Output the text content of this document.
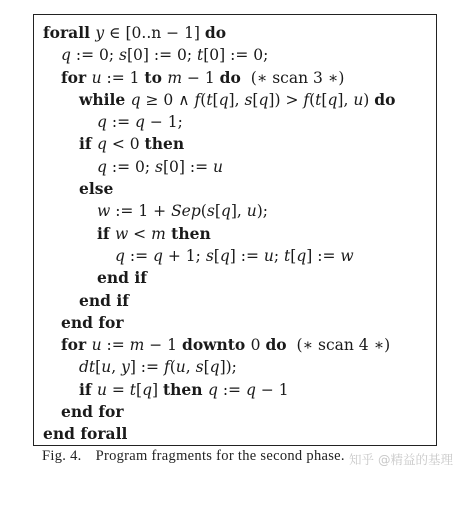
forall y ∈ [0..n − 1] do
q := 0; s[0] := 0; t[0] := 0;
for u := 1 to m − 1 do  (∗ scan 3 ∗)
while q ≥ 0 ∧ f(t[q], s[q]) > f(t[q], u) do
q := q − 1;
if q < 0 then
q := 0; s[0] := u
else
w := 1 + Sep(s[q], u);
if w < m then
q := q + 1; s[q] := u; t[q] := w
end if
end if
end for
for u := m − 1 downto 0 do  (∗ scan 4 ∗)
dt[u, y] := f(u, s[q]);
if u = t[q] then q := q − 1
end for
end forall
Fig. 4. Program fragments for the second phase. 知乎 @精益的基理
